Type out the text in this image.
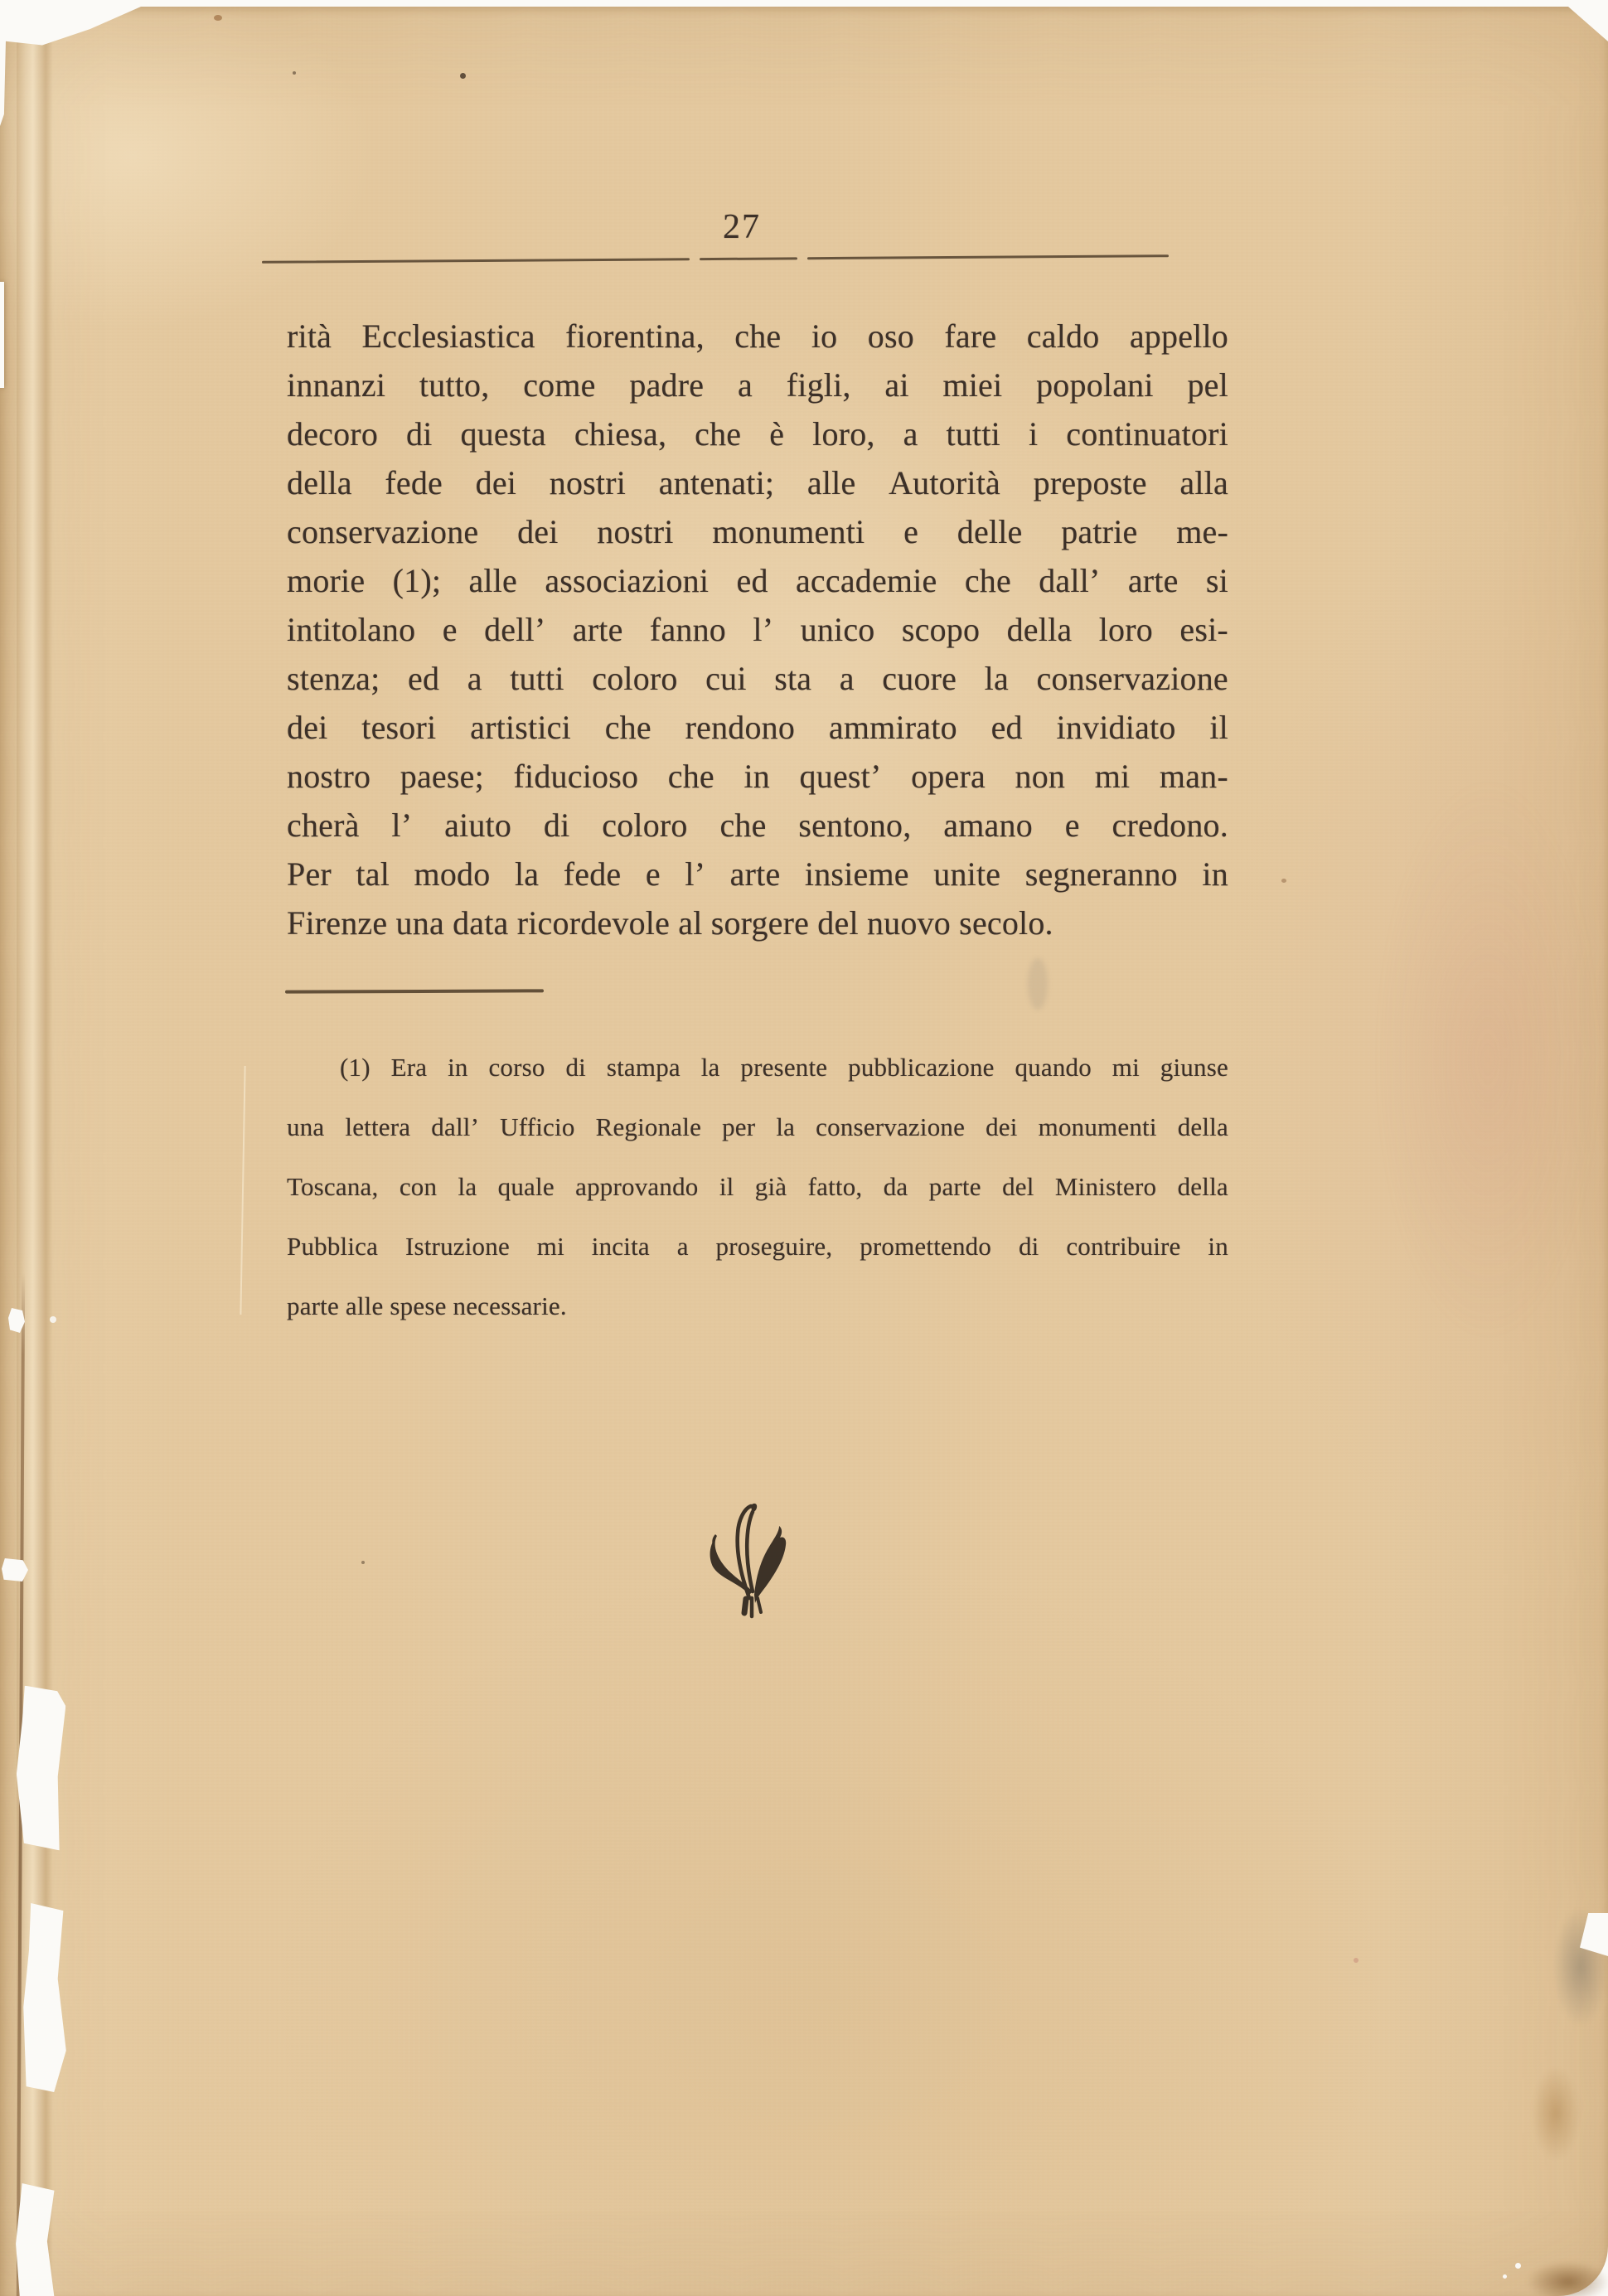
27
rità Ecclesiastica fiorentina, che io oso fare caldo appello
innanzi tutto, come padre a figli, ai miei popolani pel
decoro di questa chiesa, che è loro, a tutti i continuatori
della fede dei nostri antenati; alle Autorità preposte alla
conservazione dei nostri monumenti e delle patrie me-
morie (1); alle associazioni ed accademie che dall’ arte si
intitolano e dell’ arte fanno l’ unico scopo della loro esi-
stenza; ed a tutti coloro cui sta a cuore la conservazione
dei tesori artistici che rendono ammirato ed invidiato il
nostro paese; fiducioso che in quest’ opera non mi man-
cherà l’ aiuto di coloro che sentono, amano e credono.
Per tal modo la fede e l’ arte insieme unite segneranno in
Firenze una data ricordevole al sorgere del nuovo secolo.
(1) Era in corso di stampa la presente pubblicazione quando mi giunse
una lettera dall’ Ufficio Regionale per la conservazione dei monumenti della
Toscana, con la quale approvando il già fatto, da parte del Ministero della
Pubblica Istruzione mi incita a proseguire, promettendo di contribuire in
parte alle spese necessarie.
